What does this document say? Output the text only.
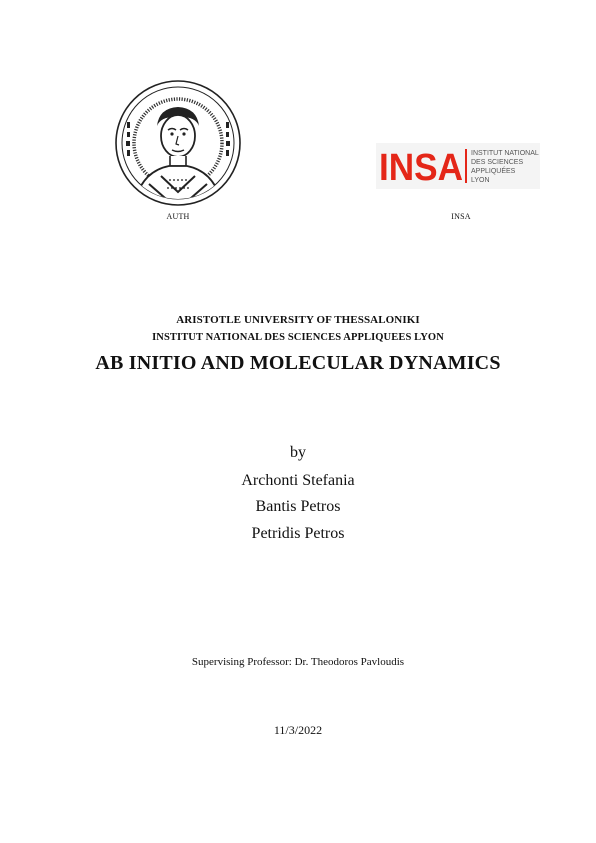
AUTH
INSA INSTITUT NATIONAL
DES SCIENCES
APPLIQUÉES
LYON
INSA
ARISTOTLE UNIVERSITY OF THESSALONIKI
INSTITUT NATIONAL DES SCIENCES APPLIQUEES LYON
AB INITIO AND MOLECULAR DYNAMICS
by
Archonti Stefania
Bantis Petros
Petridis Petros
Supervising Professor: Dr. Theodoros Pavloudis
11/3/2022
